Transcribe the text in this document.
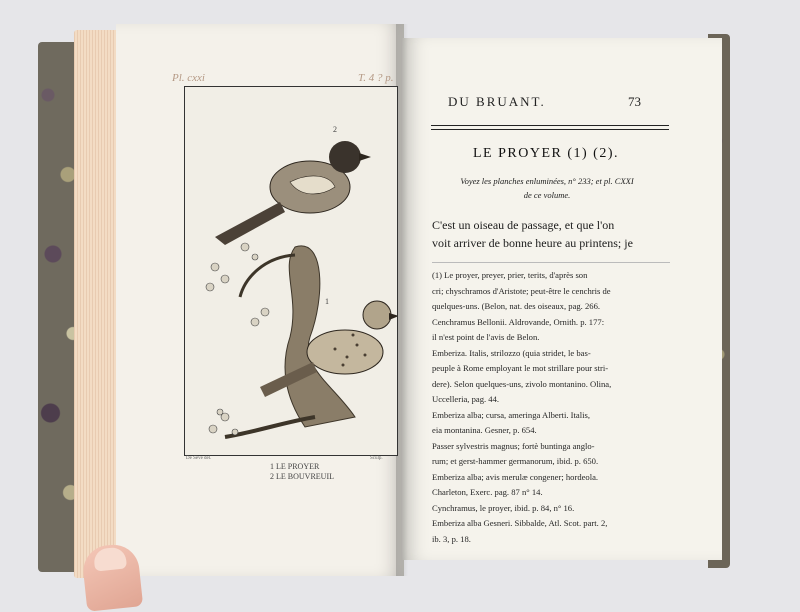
Pl. cxxi	T. 4 ? p.
2
1
De Sève del.	Sculp.
1 LE PROYER
2 LE BOUVREUIL
DU BRUANT.	73
LE PROYER (1) (2).
Voyez les planches enluminées, n° 233; et pl. CXXI
de ce volume.
C'est un oiseau de passage, et que l'on
voit arriver de bonne heure au printens; je

(1) Le proyer, preyer, prier, terits, d'après son

cri; chyschramos d'Aristote; peut-être le cenchris de

quelques-uns. (Belon, nat. des oiseaux, pag. 266.

Cenchramus Bellonii. Aldrovande, Ornith. p. 177:

il n'est point de l'avis de Belon.

Emberiza. Italis, strilozzo (quia stridet, le bas-

peuple à Rome employant le mot strillare pour stri-

dere). Selon quelques-uns, zivolo montanino. Olina,

Uccelleria, pag. 44.

Emberiza alba; cursa, ameringa Alberti. Italis,

eia montanina. Gesner, p. 654.

Passer sylvestris magnus; fortè buntinga anglo-

rum; et gerst-hammer germanorum, ibid. p. 650.

Emberiza alba; avis merulæ congener; hordeola.

Charleton, Exerc. pag. 87 n° 14.

Cynchramus, le proyer, ibid. p. 84, n° 16.

Emberiza alba Gesneri. Sibbalde, Atl. Scot. part. 2,

ib. 3, p. 18.
